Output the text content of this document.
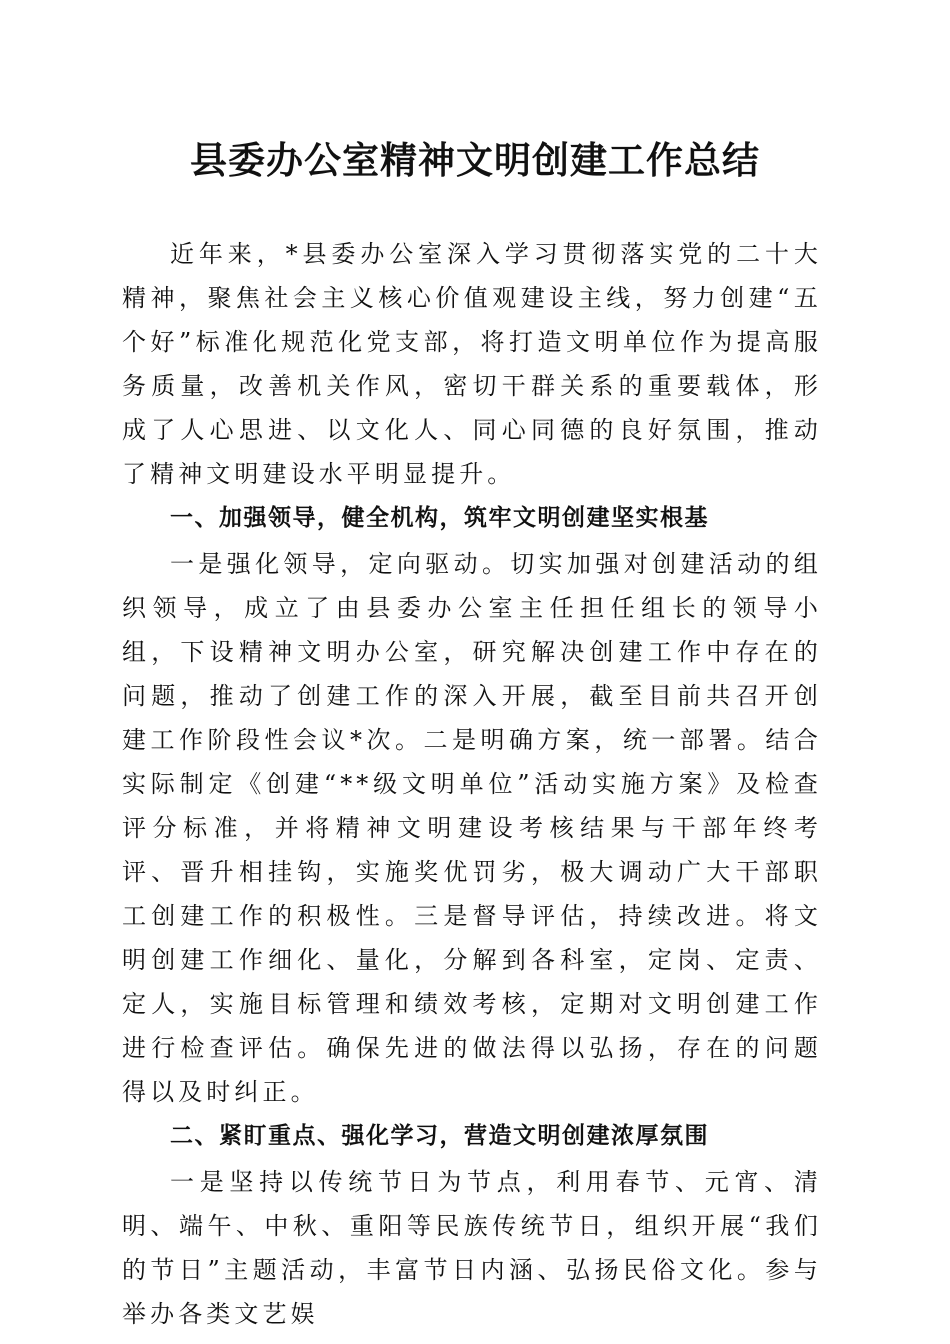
县委办公室精神文明创建工作总结

近年来，*县委办公室深入学习贯彻落实党的二十大精神，聚焦社会主义核心价值观建设主线，努力创建“五个好”标准化规范化党支部，将打造文明单位作为提高服务质量，改善机关作风，密切干群关系的重要载体，形成了人心思进、以文化人、同心同德的良好氛围，推动了精神文明建设水平明显提升。

一、加强领导，健全机构，筑牢文明创建坚实根基

一是强化领导，定向驱动。切实加强对创建活动的组织领导，成立了由县委办公室主任担任组长的领导小组，下设精神文明办公室，研究解决创建工作中存在的问题，推动了创建工作的深入开展，截至目前共召开创建工作阶段性会议*次。二是明确方案，统一部署。结合实际制定《创建“**级文明单位”活动实施方案》及检查评分标准，并将精神文明建设考核结果与干部年终考评、晋升相挂钩，实施奖优罚劣，极大调动广大干部职工创建工作的积极性。三是督导评估，持续改进。将文明创建工作细化、量化，分解到各科室，定岗、定责、定人，实施目标管理和绩效考核，定期对文明创建工作进行检查评估。确保先进的做法得以弘扬，存在的问题得以及时纠正。

二、紧盯重点、强化学习，营造文明创建浓厚氛围

一是坚持以传统节日为节点，利用春节、元宵、清明、端午、中秋、重阳等民族传统节日，组织开展“我们的节日”主题活动，丰富节日内涵、弘扬民俗文化。参与举办各类文艺娱
